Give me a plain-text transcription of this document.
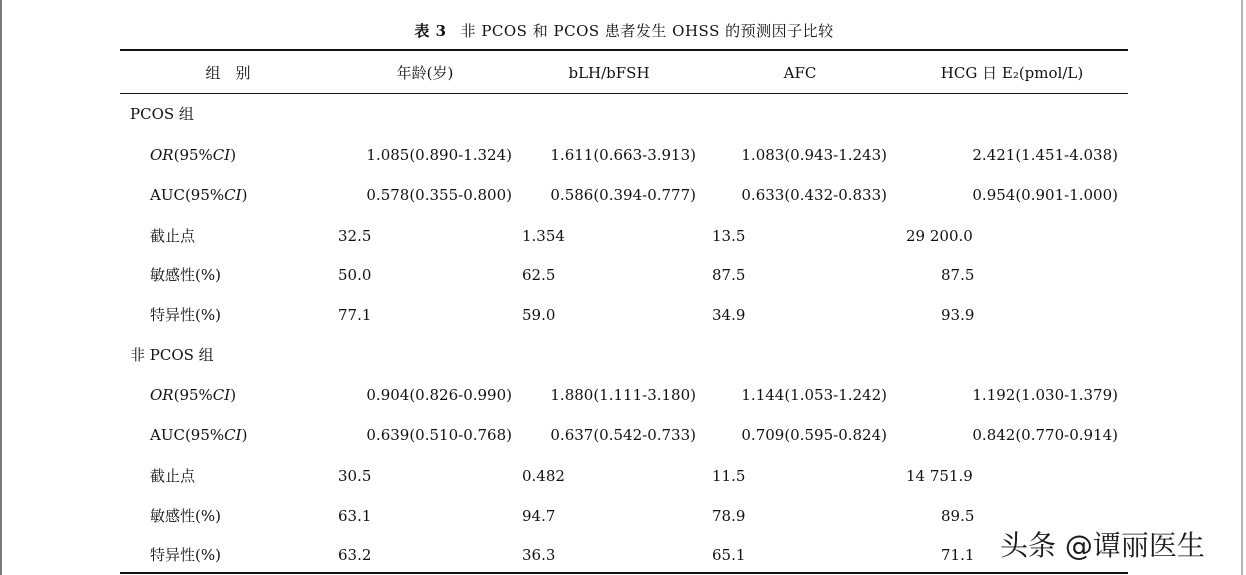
表 3 非 PCOS 和 PCOS 患者发生 OHSS 的预测因子比较
组　别	年龄(岁)	bLH/bFSH	AFC	HCG 日 E₂(pmol/L)
PCOS 组
OR(95%CI)	1.085(0.890-1.324)	1.611(0.663-3.913)	1.083(0.943-1.243)	2.421(1.451-4.038)
AUC(95%CI)	0.578(0.355-0.800)	0.586(0.394-0.777)	0.633(0.432-0.833)	0.954(0.901-1.000)
截止点	32.5	1.354	13.5	29 200.0
敏感性(%)	50.0	62.5	87.5	87.5
特异性(%)	77.1	59.0	34.9	93.9
非 PCOS 组
OR(95%CI)	0.904(0.826-0.990)	1.880(1.111-3.180)	1.144(1.053-1.242)	1.192(1.030-1.379)
AUC(95%CI)	0.639(0.510-0.768)	0.637(0.542-0.733)	0.709(0.595-0.824)	0.842(0.770-0.914)
截止点	30.5	0.482	11.5	14 751.9
敏感性(%)	63.1	94.7	78.9	89.5
特异性(%)	63.2	36.3	65.1	71.1 头条 @谭丽医生
